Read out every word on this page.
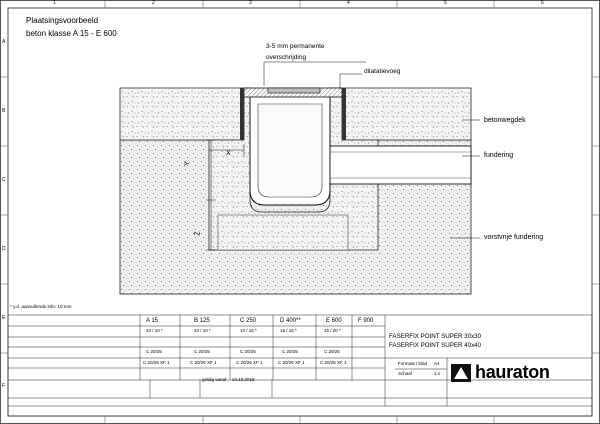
1	2	3	4	5	6
A
B
C
D
E
F
Plaatsingsvoorbeeld
beton klasse A 15 - E 600
3-5 mm permanente
overschrijding
dilatatievoeg
betonwegdek
fundering
vorstvrije fundering
X
Y
Z
* y.d. aanvullende info: 10 mm
A 15	B 125	C 250	D 400**	E 600	F 900
10 / 10 *	10 / 10 *	10 / 15 *	15 / 15 *	15 / 20 *
C 20/25	C 20/25	C 20/25	C 20/25	C 20/25
C 20/25 XF 1	C 20/25 XF 1	C 20/25 XF 1	C 20/25 XF 1	C 20/25 XF 1
FASERFIX POINT SUPER 30x30
FASERFIX POINT SUPER 40x40
geldig vanaf 24.10.2018
Formaat / blad A4
Schaal	1:x hauraton
